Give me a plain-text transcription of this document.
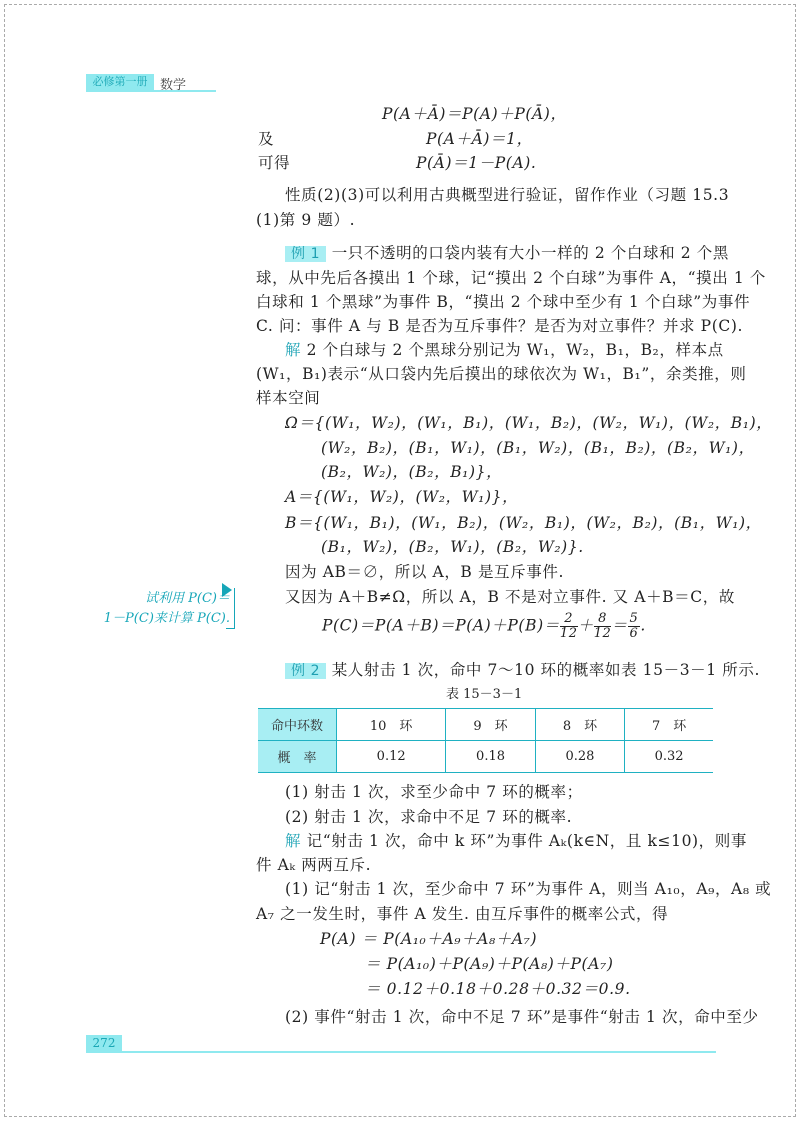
必修第一册 数学
P(A＋Ā)＝P(A)＋P(Ā)，
及	P(A＋Ā)＝1，
可得	P(Ā)＝1－P(A).
性质(2)(3)可以利用古典概型进行验证，留作作业（习题 15.3
(1)第 9 题）.
例 1 一只不透明的口袋内装有大小一样的 2 个白球和 2 个黑
球，从中先后各摸出 1 个球，记“摸出 2 个白球”为事件 A，“摸出 1 个
白球和 1 个黑球”为事件 B，“摸出 2 个球中至少有 1 个白球”为事件
C. 问：事件 A 与 B 是否为互斥事件？是否为对立事件？并求 P(C).
解 2 个白球与 2 个黑球分别记为 W₁，W₂，B₁，B₂，样本点
(W₁，B₁)表示“从口袋内先后摸出的球依次为 W₁，B₁”，余类推，则
样本空间
Ω＝{(W₁，W₂)，(W₁，B₁)，(W₁，B₂)，(W₂，W₁)，(W₂，B₁)，
(W₂，B₂)，(B₁，W₁)，(B₁，W₂)，(B₁，B₂)，(B₂，W₁)，
(B₂，W₂)，(B₂，B₁)}，
A＝{(W₁，W₂)，(W₂，W₁)}，
B＝{(W₁，B₁)，(W₁，B₂)，(W₂，B₁)，(W₂，B₂)，(B₁，W₁)，
(B₁，W₂)，(B₂，W₁)，(B₂，W₂)}.
因为 AB＝∅，所以 A，B 是互斥事件.
又因为 A＋B≠Ω，所以 A，B 不是对立事件. 又 A＋B＝C，故
$P(C)=P(A+B)=P(A)+P(B)= \frac{2}{12} + \frac{8}{12} = \frac{5}{6}$ .
试利用 P(C)＝
1－P(C)来计算 P(C).
例 2 某人射击 1 次，命中 7～10 环的概率如表 15－3－1 所示.
表 15－3－1
命中环数	10　环	9　环	8　环	7　环
概　率	0.12	0.18	0.28	0.32
(1) 射击 1 次，求至少命中 7 环的概率；
(2) 射击 1 次，求命中不足 7 环的概率.
解 记“射击 1 次，命中 k 环”为事件 Aₖ(k∈N，且 k≤10)，则事
件 Aₖ 两两互斥.
(1) 记“射击 1 次，至少命中 7 环”为事件 A，则当 A₁₀，A₉，A₈ 或
A₇ 之一发生时，事件 A 发生. 由互斥事件的概率公式，得
P(A) ＝ P(A₁₀＋A₉＋A₈＋A₇)
＝ P(A₁₀)＋P(A₉)＋P(A₈)＋P(A₇)
＝ 0.12＋0.18＋0.28＋0.32＝0.9.
(2) 事件“射击 1 次，命中不足 7 环”是事件“射击 1 次，命中至少
272
